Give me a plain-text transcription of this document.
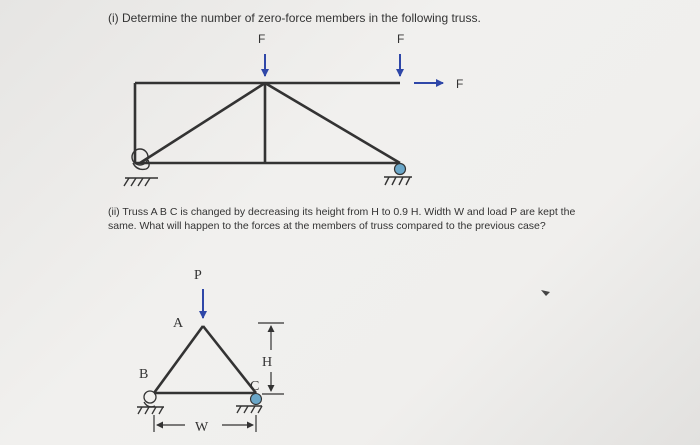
(i) Determine the number of zero-force members in the following truss.
F	F
F
P
A
B
C
H
W
(ii) Truss A B C is changed by decreasing its height from H to 0.9 H. Width W and load P are kept the same. What will happen to the forces at the members of truss compared to the previous case?
